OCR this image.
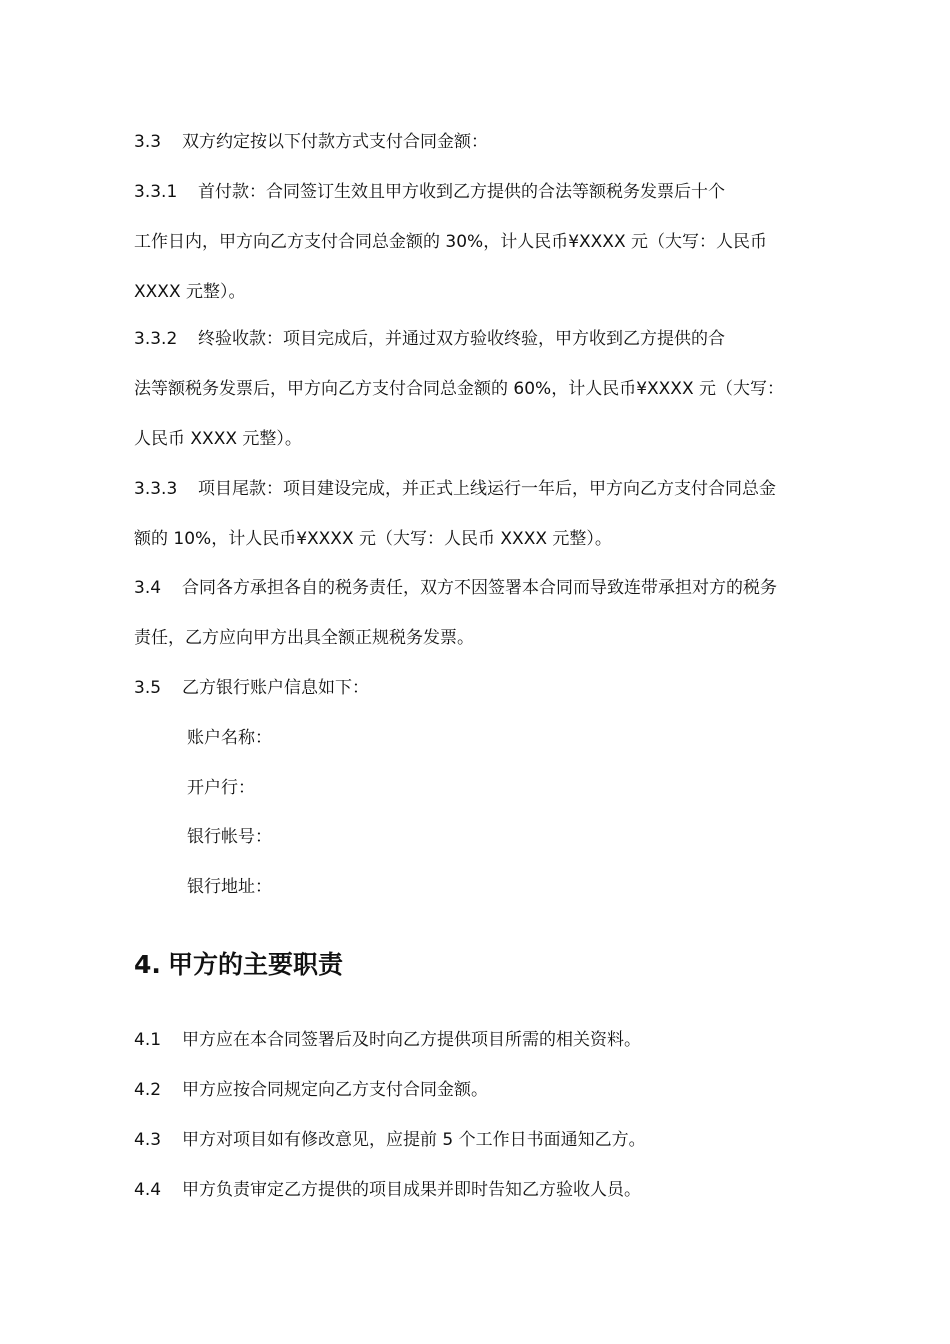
3.3 双方约定按以下付款方式支付合同金额：
3.3.1 首付款：合同签订生效且甲方收到乙方提供的合法等额税务发票后十个
工作日内，甲方向乙方支付合同总金额的 30%，计人民币¥XXXX 元（大写：人民币
XXXX 元整）。
3.3.2 终验收款：项目完成后，并通过双方验收终验，甲方收到乙方提供的合
法等额税务发票后，甲方向乙方支付合同总金额的 60%，计人民币¥XXXX 元（大写：
人民币 XXXX 元整）。
3.3.3 项目尾款：项目建设完成，并正式上线运行一年后，甲方向乙方支付合同总金
额的 10%，计人民币¥XXXX 元（大写：人民币 XXXX 元整）。
3.4 合同各方承担各自的税务责任，双方不因签署本合同而导致连带承担对方的税务
责任，乙方应向甲方出具全额正规税务发票。
3.5 乙方银行账户信息如下：
账户名称：
开户行：
银行帐号：
银行地址：
4. 甲方的主要职责
4.1 甲方应在本合同签署后及时向乙方提供项目所需的相关资料。
4.2 甲方应按合同规定向乙方支付合同金额。
4.3 甲方对项目如有修改意见，应提前 5 个工作日书面通知乙方。
4.4 甲方负责审定乙方提供的项目成果并即时告知乙方验收人员。
